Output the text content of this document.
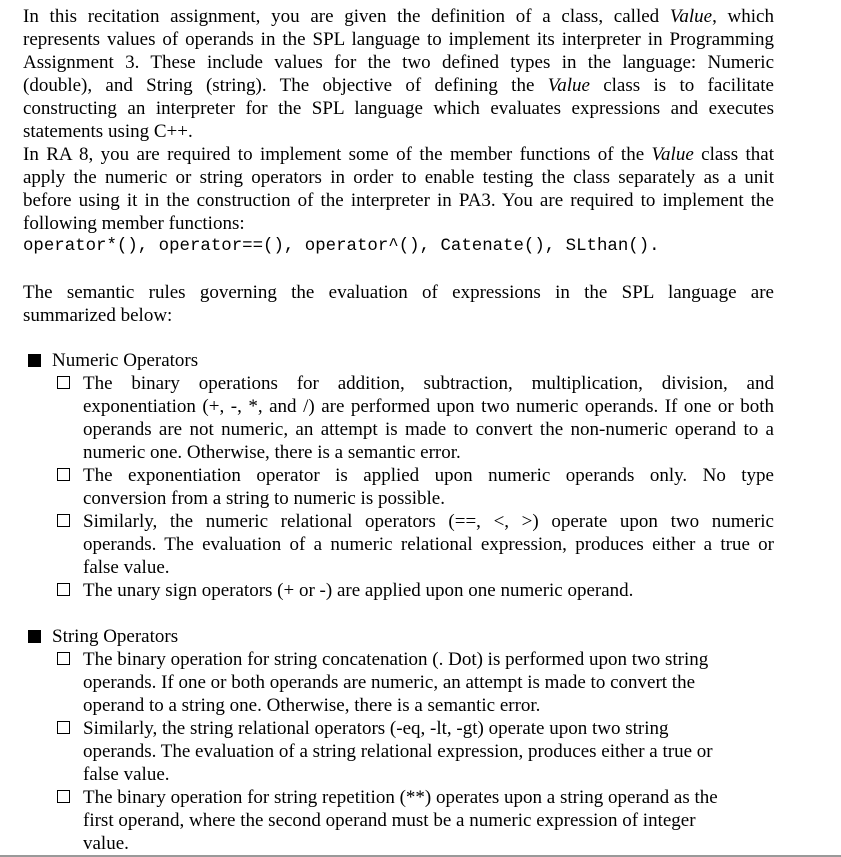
In this recitation assignment, you are given the definition of a class, called Value, which
represents values of operands in the SPL language to implement its interpreter in Programming
Assignment 3. These include values for the two defined types in the language: Numeric
(double), and String (string). The objective of defining the Value class is to facilitate
constructing an interpreter for the SPL language which evaluates expressions and executes
statements using C++.
In RA 8, you are required to implement some of the member functions of the Value class that
apply the numeric or string operators in order to enable testing the class separately as a unit
before using it in the construction of the interpreter in PA3. You are required to implement the
following member functions:
operator*(), operator==(), operator^(), Catenate(), SLthan().
The semantic rules governing the evaluation of expressions in the SPL language are
summarized below:
Numeric Operators
The binary operations for addition, subtraction, multiplication, division, and
exponentiation (+, -, *, and /) are performed upon two numeric operands. If one or both
operands are not numeric, an attempt is made to convert the non-numeric operand to a
numeric one. Otherwise, there is a semantic error.
The exponentiation operator is applied upon numeric operands only. No type
conversion from a string to numeric is possible.
Similarly, the numeric relational operators (==, <, >) operate upon two numeric
operands. The evaluation of a numeric relational expression, produces either a true or
false value.
The unary sign operators (+ or -) are applied upon one numeric operand.
String Operators
The binary operation for string concatenation (. Dot) is performed upon two string
operands. If one or both operands are numeric, an attempt is made to convert the
operand to a string one. Otherwise, there is a semantic error.
Similarly, the string relational operators (-eq, -lt, -gt) operate upon two string
operands. The evaluation of a string relational expression, produces either a true or
false value.
The binary operation for string repetition (**) operates upon a string operand as the
first operand, where the second operand must be a numeric expression of integer
value.
